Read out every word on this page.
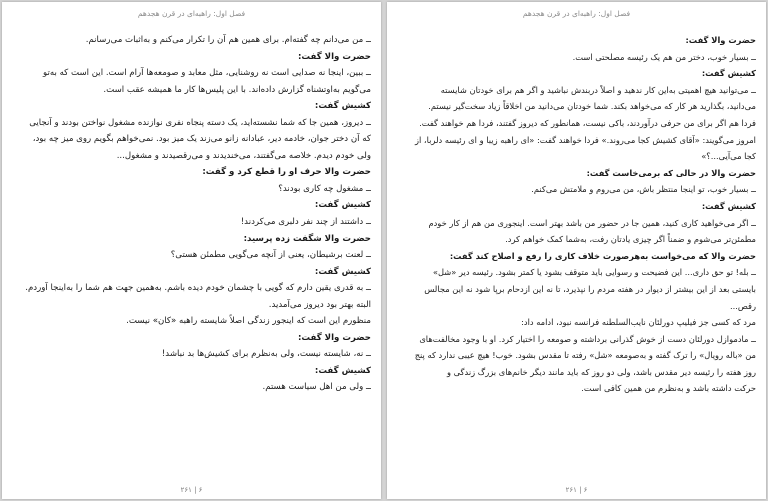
فصل اول: راهبه‌ای در قرن هجدهم
ــ من می‌دانم چه گفته‌ام. برای همین هم آن را تکرار می‌کنم و به‌اثبات می‌رسانم.
حضرت والا گفت:
ــ ببین، اینجا نه صدایی است نه روشنایی، مثل معابد و صومعه‌ها آرام است. این است که به‌تو
می‌گویم به‌اوتشناه گزارش داده‌اند. با این پلیس‌ها کار ما همیشه عقب است.
کشیش گفت:
ــ دیروز، همین جا که شما نشسته‌اید، یک دسته پنجاه نفری نوازنده مشغول نواختن بودند و آنجایی
که آن دختر جوان، خادمه دیر، عبادانه زانو می‌زند یک میز بود. نمی‌خواهم بگویم روی میز چه بود،
ولی خودم دیدم. خلاصه می‌گفتند، می‌خندیدند و می‌رقصیدند و مشغول...
حضرت والا حرف او را قطع کرد و گفت:
ــ مشغول چه کاری بودند؟
کشیش گفت:
ــ داشتند از چند نفر دلبری می‌کردند!
حضرت والا شگفت زده پرسید:
ــ لعنت برشیطان، یعنی از آنچه می‌گویی مطمئن هستی؟
کشیش گفت:
ــ به قدری یقین دارم که گویی با چشمان خودم دیده باشم. به‌همین جهت هم شما را به‌اینجا آوردم.
البته بهتر بود دیروز می‌آمدید.
منظورم این است که اینجور زندگی اصلاً شایسته راهبه «کان» نیست.
حضرت والا گفت:
ــ نه، شایسته نیست، ولی به‌نظرم برای کشیش‌ها بد نباشد!
کشیش گفت:
ــ ولی من اهل سیاست هستم.
۶ | ۲۶۱
فصل اول: راهبه‌ای در قرن هجدهم
حضرت والا گفت:
ــ بسیار خوب، دختر من هم یک رئیسه مصلحتی است.
کشیش گفت:
ــ می‌توانید هیچ اهمیتی به‌این کار ندهید و اصلاً دربندش نباشید و اگر هم برای خودتان شایسته
می‌دانید، بگذارید هر کار که می‌خواهد بکند. شما خودتان می‌دانید من اخلاقاً زیاد سخت‌گیر نیستم.
فردا هم اگر برای من حرفی درآوردند، باکی نیست، همانطور که دیروز گفتند، فردا هم خواهند گفت.
امروز می‌گویند: «آقای کشیش کجا می‌روند.» فردا خواهند گفت: «ای راهبه زیبا و ای رئیسه دلربا، از
کجا می‌آیی...؟»
حضرت والا در حالی که برمی‌خاست گفت:
ــ بسیار خوب، تو اینجا منتظر باش، من می‌روم و ملامتش می‌کنم.
کشیش گفت:
ــ اگر می‌خواهید کاری کنید، همین جا در حضور من باشد بهتر است. اینجوری من هم از کار خودم
مطمئن‌تر می‌شوم و ضمناً اگر چیزی یادتان رفت، به‌شما کمک خواهم کرد.
حضرت والا که می‌خواست به‌هرصورت خلاف کاری را رفع و اصلاح کند گفت:
ــ بله! تو حق داری... این فضیحت و رسوایی باید متوقف بشود یا کمتر بشود. رئیسه دیر «شل»
بایستی بعد از این بیشتر از دیوار در هفته مردم را نپذیرد، تا نه این ازدحام برپا شود نه این مجالس
رقص...
مرد که کسی جز فیلیپ دورلئان نایب‌السلطنه فرانسه نبود، ادامه داد:
ــ مادموازل دورلئان دست از خوش گذرانی برداشته و صومعه را اختیار کرد. او با وجود مخالفت‌های
من «باله رویال» را ترک گفته و به‌صومعه «شل» رفته تا مقدس بشود. خوب! هیچ عیبی ندارد که پنج
روز هفته را رئیسه دیر مقدس باشد، ولی دو روز که باید مانند دیگر خانم‌های بزرگ زندگی و
حرکت داشته باشد و به‌نظرم من همین کافی است.
۶ | ۲۶۱
